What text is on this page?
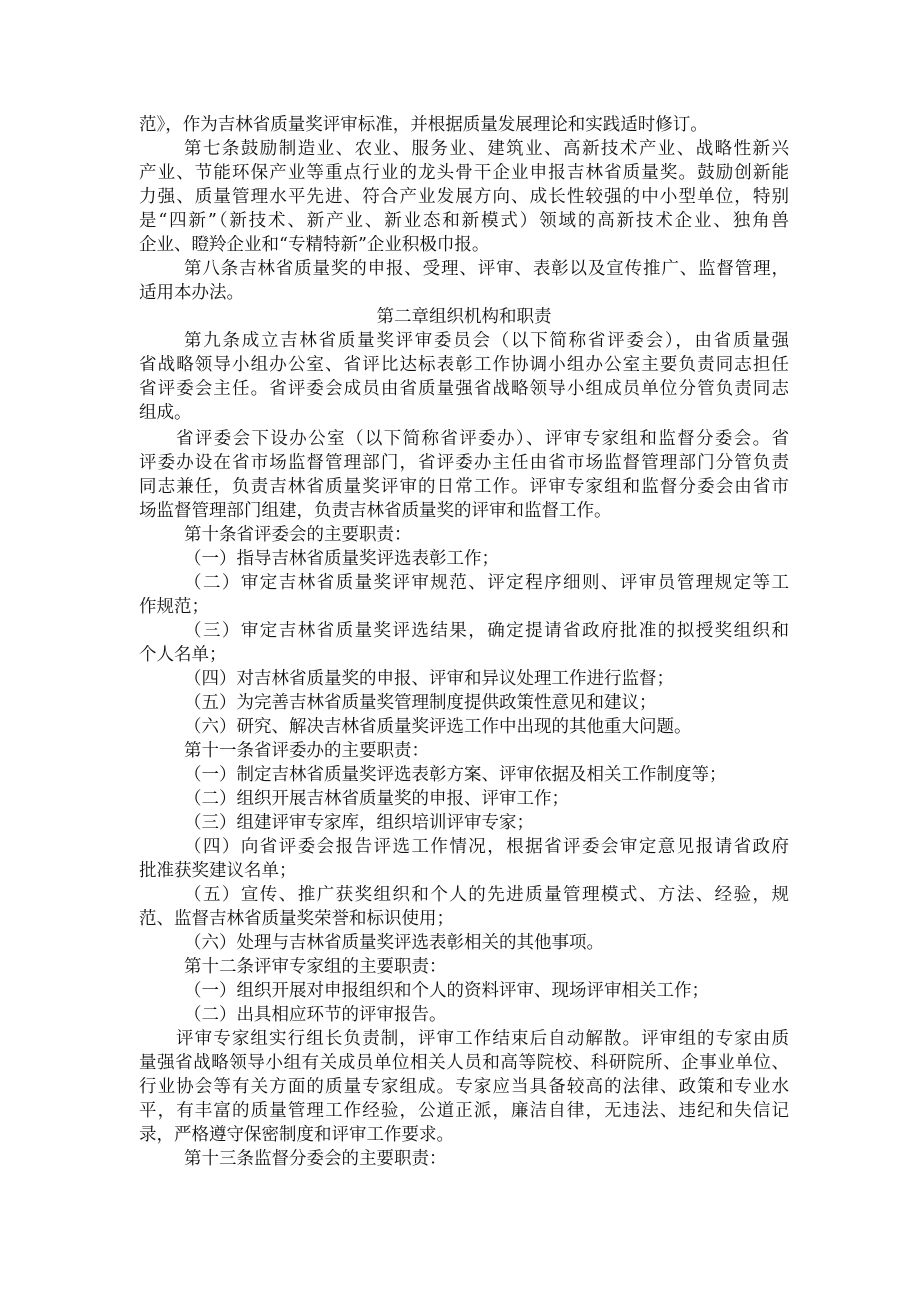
范》，作为吉林省质量奖评审标准，并根据质量发展理论和实践适时修订。
第七条鼓励制造业、农业、服务业、建筑业、高新技术产业、战略性新兴
产业、节能环保产业等重点行业的龙头骨干企业申报吉林省质量奖。鼓励创新能
力强、质量管理水平先进、符合产业发展方向、成长性较强的中小型单位，特别
是“四新”（新技术、新产业、新业态和新模式）领域的高新技术企业、独角兽
企业、瞪羚企业和“专精特新”企业积极巾报。
第八条吉林省质量奖的申报、受理、评审、表彰以及宣传推广、监督管理，
适用本办法。
第二章组织机构和职责
第九条成立吉林省质量奖评审委员会（以下简称省评委会），由省质量强
省战略领导小组办公室、省评比达标表彰工作协调小组办公室主要负责同志担任
省评委会主任。省评委会成员由省质量强省战略领导小组成员单位分管负责同志
组成。
省评委会下设办公室（以下简称省评委办）、评审专家组和监督分委会。省
评委办设在省市场监督管理部门，省评委办主任由省市场监督管理部门分管负责
同志兼任，负责吉林省质量奖评审的日常工作。评审专家组和监督分委会由省市
场监督管理部门组建，负责吉林省质量奖的评审和监督工作。
第十条省评委会的主要职责：
（一）指导吉林省质量奖评选表彰工作；
（二）审定吉林省质量奖评审规范、评定程序细则、评审员管理规定等工
作规范；
（三）审定吉林省质量奖评选结果，确定提请省政府批准的拟授奖组织和
个人名单；
（四）对吉林省质量奖的申报、评审和异议处理工作进行监督；
（五）为完善吉林省质量奖管理制度提供政策性意见和建议；
（六）研究、解决吉林省质量奖评选工作中出现的其他重大问题。
第十一条省评委办的主要职责：
（一）制定吉林省质量奖评选表彰方案、评审依据及相关工作制度等；
（二）组织开展吉林省质量奖的申报、评审工作；
（三）组建评审专家库，组织培训评审专家；
（四）向省评委会报告评选工作情况，根据省评委会审定意见报请省政府
批准获奖建议名单；
（五）宣传、推广获奖组织和个人的先进质量管理模式、方法、经验，规
范、监督吉林省质量奖荣誉和标识使用；
（六）处理与吉林省质量奖评选表彰相关的其他事项。
第十二条评审专家组的主要职责：
（一）组织开展对申报组织和个人的资料评审、现场评审相关工作；
（二）出具相应环节的评审报告。
评审专家组实行组长负责制，评审工作结束后自动解散。评审组的专家由质
量强省战略领导小组有关成员单位相关人员和高等院校、科研院所、企事业单位、
行业协会等有关方面的质量专家组成。专家应当具备较高的法律、政策和专业水
平，有丰富的质量管理工作经验，公道正派，廉洁自律，无违法、违纪和失信记
录，严格遵守保密制度和评审工作要求。
第十三条监督分委会的主要职责：
